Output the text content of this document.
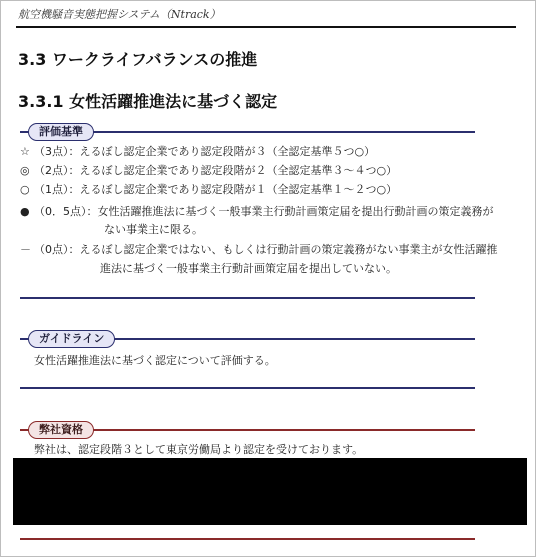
航空機騒音実態把握システム（Ntrack）
3.3 ワークライフバランスの推進
3.3.1 女性活躍推進法に基づく認定
評価基準
☆ （3点）：えるぼし認定企業であり認定段階が３（全認定基準５つ○）
◎ （2点）：えるぼし認定企業であり認定段階が２（全認定基準３～４つ○）
○ （1点）：えるぼし認定企業であり認定段階が１（全認定基準１～２つ○）
● （0．5点）：女性活躍推進法に基づく一般事業主行動計画策定届を提出行動計画の策定義務が
ない事業主に限る。
－ （0点）：えるぼし認定企業ではない、もしくは行動計画の策定義務がない事業主が女性活躍推
進法に基づく一般事業主行動計画策定届を提出していない。
ガイドライン
女性活躍推進法に基づく認定について評価する。
弊社資格
弊社は、認定段階３として東京労働局より認定を受けております。
